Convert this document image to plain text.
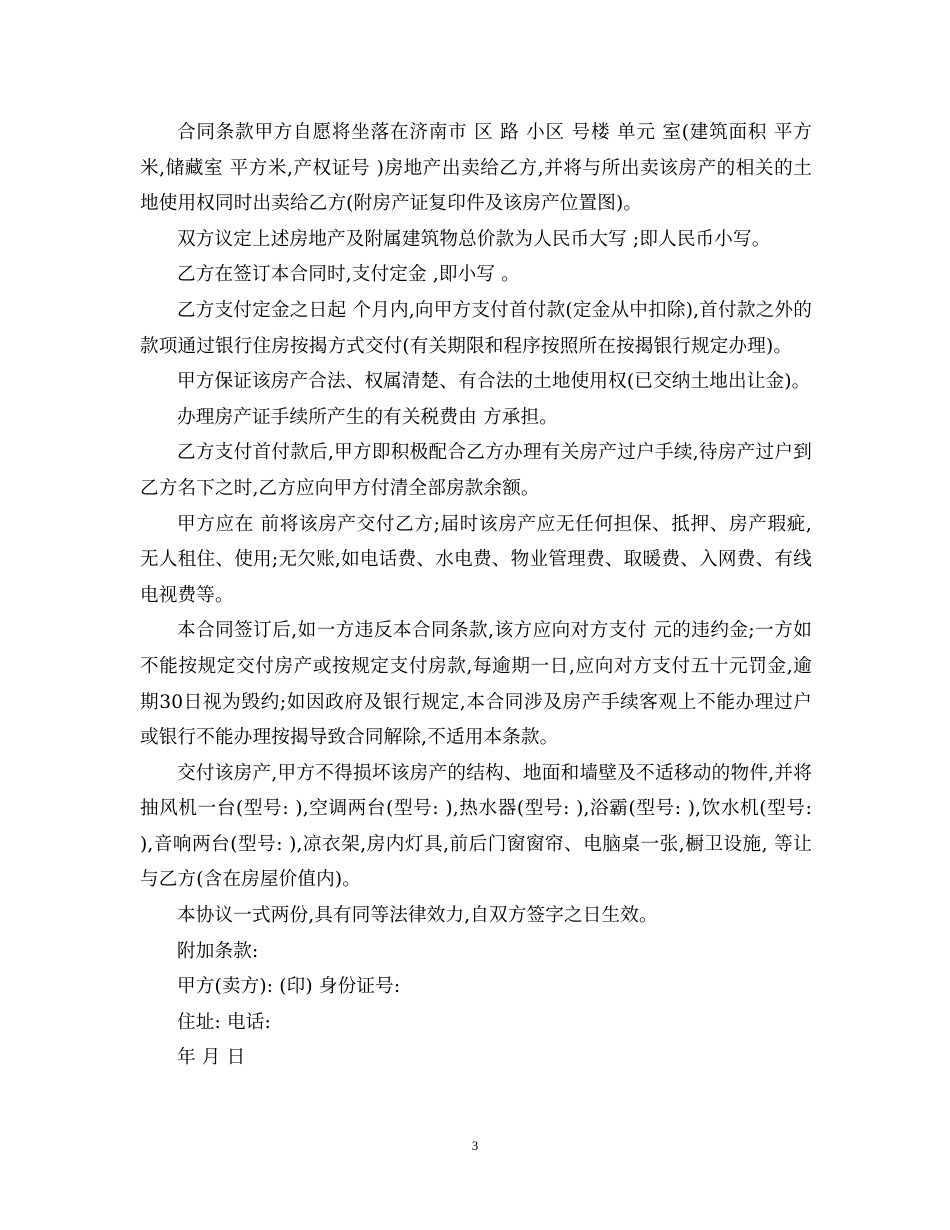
合同条款甲方自愿将坐落在济南市 区 路 小区 号楼 单元 室(建筑面积 平方米,储藏室 平方米,产权证号 )房地产出卖给乙方,并将与所出卖该房产的相关的土地使用权同时出卖给乙方(附房产证复印件及该房产位置图)。

双方议定上述房地产及附属建筑物总价款为人民币大写 ;即人民币小写。

乙方在签订本合同时,支付定金 ,即小写 。

乙方支付定金之日起 个月内,向甲方支付首付款(定金从中扣除),首付款之外的款项通过银行住房按揭方式交付(有关期限和程序按照所在按揭银行规定办理)。

甲方保证该房产合法、权属清楚、有合法的土地使用权(已交纳土地出让金)。

办理房产证手续所产生的有关税费由 方承担。

乙方支付首付款后,甲方即积极配合乙方办理有关房产过户手续,待房产过户到乙方名下之时,乙方应向甲方付清全部房款余额。

甲方应在 前将该房产交付乙方;届时该房产应无任何担保、抵押、房产瑕疵,无人租住、使用;无欠账,如电话费、水电费、物业管理费、取暖费、入网费、有线电视费等。

本合同签订后,如一方违反本合同条款,该方应向对方支付 元的违约金;一方如不能按规定交付房产或按规定支付房款,每逾期一日,应向对方支付五十元罚金,逾期30日视为毁约;如因政府及银行规定,本合同涉及房产手续客观上不能办理过户或银行不能办理按揭导致合同解除,不适用本条款。

交付该房产,甲方不得损坏该房产的结构、地面和墙壁及不适移动的物件,并将抽风机一台(型号: ),空调两台(型号: ),热水器(型号: ),浴霸(型号: ),饮水机(型号: ),音响两台(型号: ),凉衣架,房内灯具,前后门窗窗帘、电脑桌一张,橱卫设施, 等让与乙方(含在房屋价值内)。

本协议一式两份,具有同等法律效力,自双方签字之日生效。

附加条款:

甲方(卖方): (印) 身份证号:

住址: 电话:

年 月 日

3
